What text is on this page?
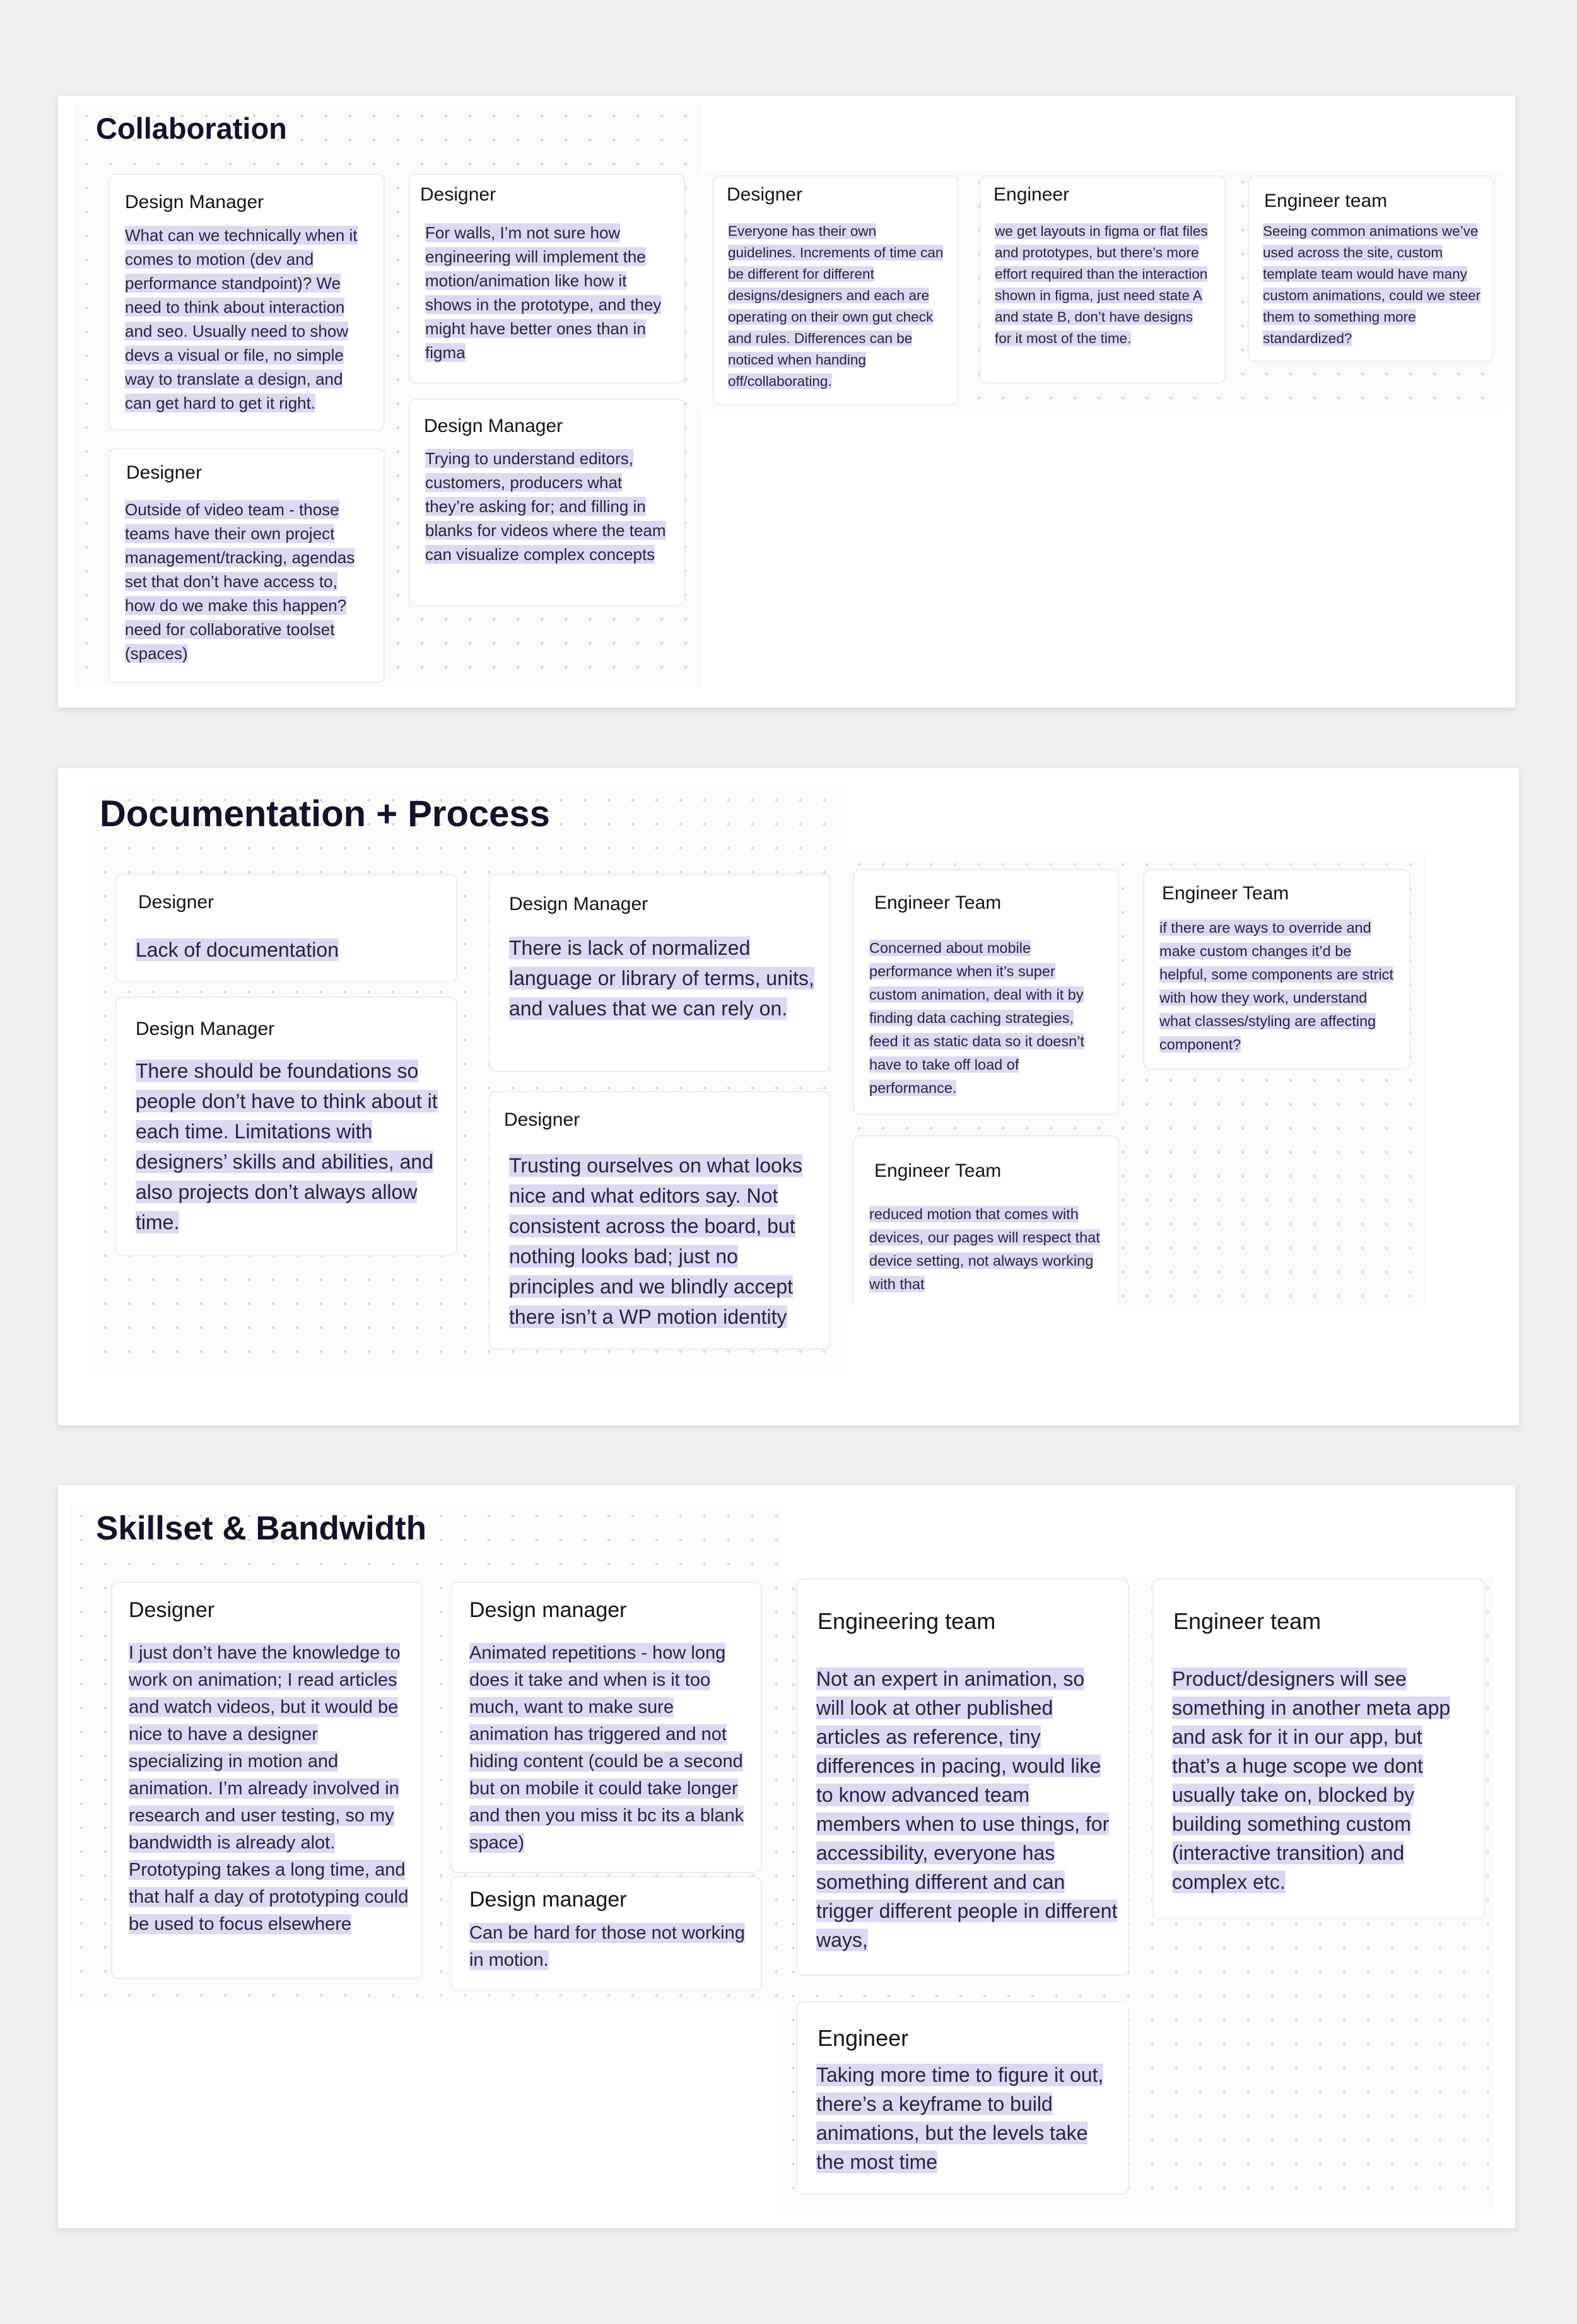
Collaboration
Design Manager
What can we technically when it comes to motion (dev and performance standpoint)? We need to think about interaction and seo. Usually need to show devs a visual or file, no simple way to translate a design, and can get hard to get it right.
Designer
Outside of video team - those teams have their own project management/tracking, agendas set that don’t have access to, how do we make this happen? need for collaborative toolset (spaces)
Designer
For walls, I’m not sure how engineering will implement the motion/animation like how it shows in the prototype, and they might have better ones than in figma
Design Manager
Trying to understand editors, customers, producers what they’re asking for; and filling in blanks for videos where the team can visualize complex concepts
Designer
Everyone has their own guidelines. Increments of time can be different for different designs/designers and each are operating on their own gut check and rules. Differences can be noticed when handing off/collaborating.
Engineer
we get layouts in figma or flat files and prototypes, but there’s more effort required than the interaction shown in figma, just need state A and state B, don’t have designs for it most of the time.
Engineer team
Seeing common animations we’ve used across the site, custom template team would have many custom animations, could we steer them to something more standardized?
Documentation + Process
Designer
Lack of documentation
Design Manager
There should be foundations so people don’t have to think about it each time. Limitations with designers’ skills and abilities, and also projects don’t always allow time.
Design Manager
There is lack of normalized language or library of terms, units, and values that we can rely on.
Designer
Trusting ourselves on what looks nice and what editors say. Not consistent across the board, but nothing looks bad; just no principles and we blindly accept there isn’t a WP motion identity
Engineer Team
Concerned about mobile performance when it’s super custom animation, deal with it by finding data caching strategies, feed it as static data so it doesn’t have to take off load of performance.
Engineer Team
reduced motion that comes with devices, our pages will respect that device setting, not always working with that
Engineer Team
if there are ways to override and make custom changes it’d be helpful, some components are strict with how they work, understand what classes/styling are affecting component?
Skillset & Bandwidth
Designer
I just don’t have the knowledge to work on animation; I read articles and watch videos, but it would be nice to have a designer specializing in motion and animation. I’m already involved in research and user testing, so my bandwidth is already alot. Prototyping takes a long time, and that half a day of prototyping could be used to focus elsewhere
Design manager
Animated repetitions - how long does it take and when is it too much, want to make sure animation has triggered and not hiding content (could be a second but on mobile it could take longer and then you miss it bc its a blank space)
Design manager
Can be hard for those not working in motion.
Engineering team
Not an expert in animation, so will look at other published articles as reference, tiny differences in pacing, would like to know advanced team members when to use things, for accessibility, everyone has something different and can trigger different people in different ways,
Engineer
Taking more time to figure it out, there’s a keyframe to build animations, but the levels take the most time
Engineer team
Product/designers will see something in another meta app and ask for it in our app, but that’s a huge scope we dont usually take on, blocked by building something custom (interactive transition) and complex etc.
